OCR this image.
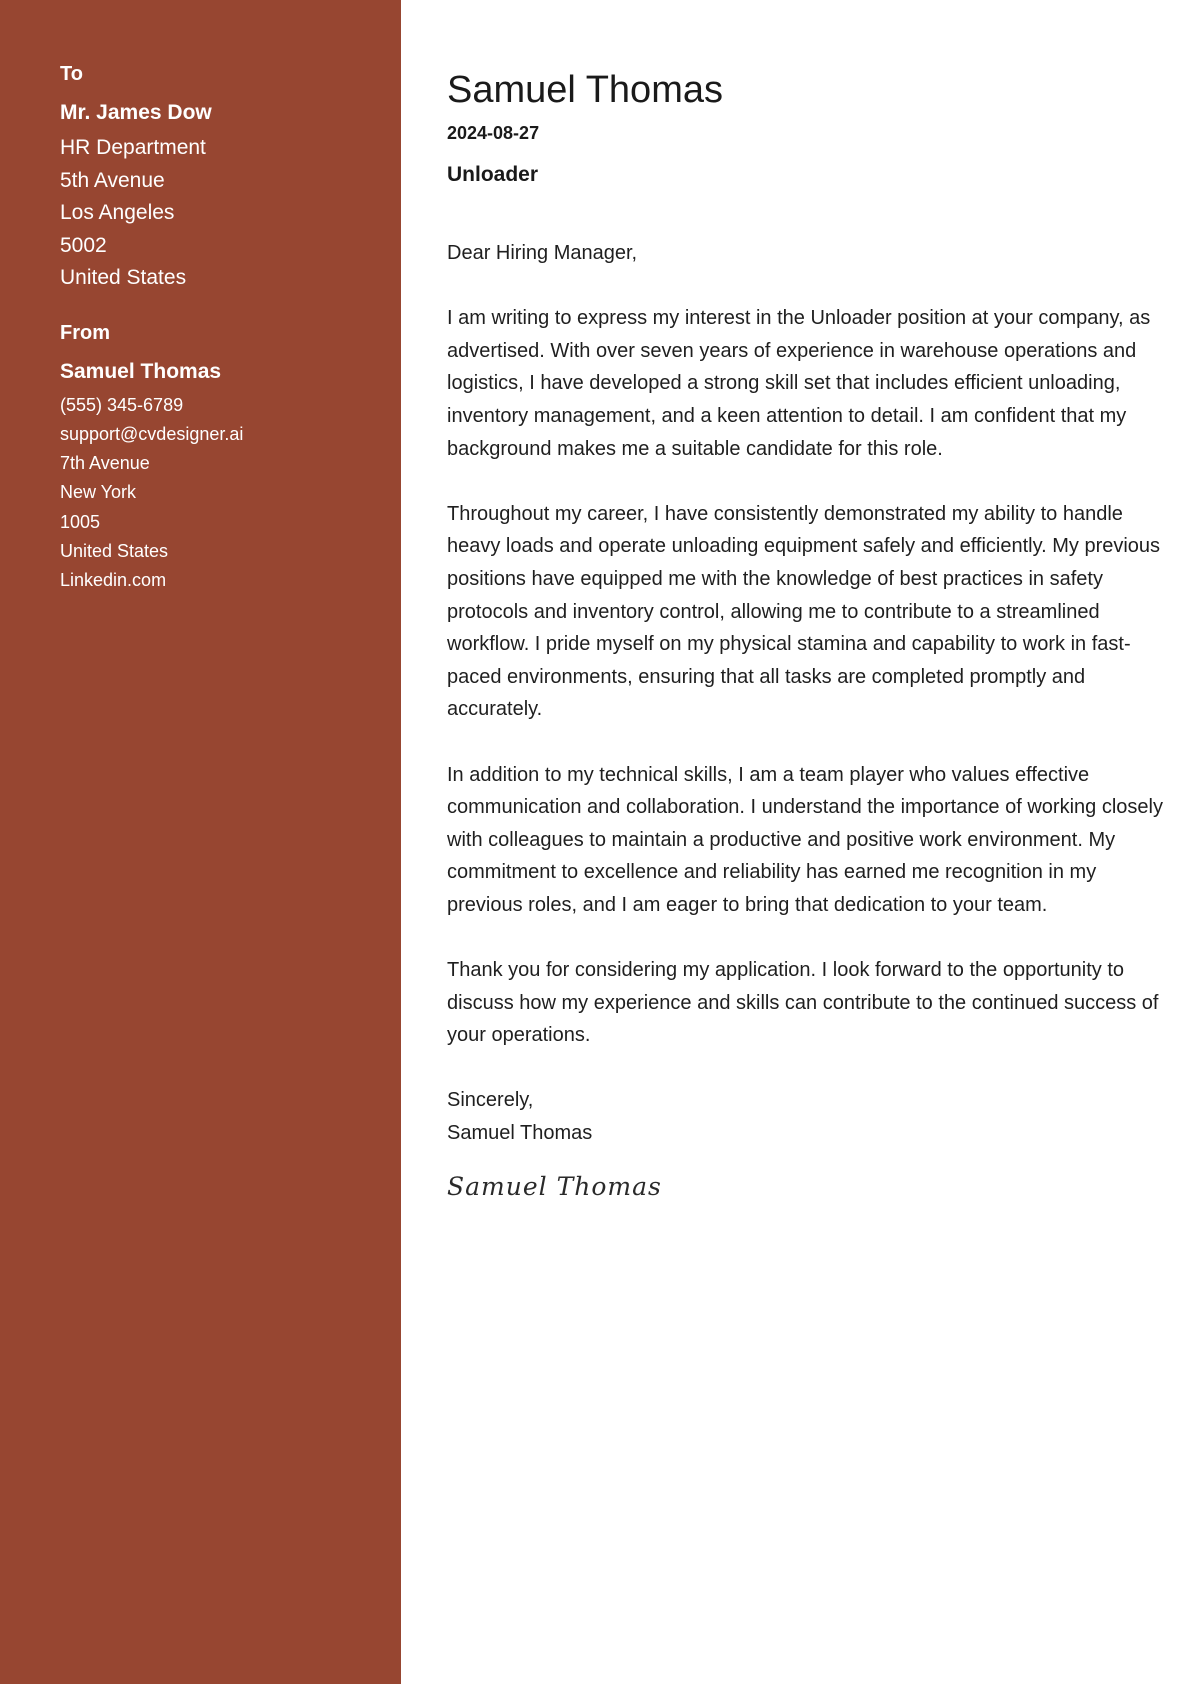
To
Mr. James Dow
HR Department
5th Avenue
Los Angeles
5002
United States
From
Samuel Thomas
(555) 345-6789
support@cvdesigner.ai
7th Avenue
New York
1005
United States
Linkedin.com
Samuel Thomas
2024-08-27
Unloader

Dear Hiring Manager,

I am writing to express my interest in the Unloader position at your company, as advertised. With over seven years of experience in warehouse operations and logistics, I have developed a strong skill set that includes efficient unloading, inventory management, and a keen attention to detail. I am confident that my background makes me a suitable candidate for this role.

Throughout my career, I have consistently demonstrated my ability to handle heavy loads and operate unloading equipment safely and efficiently. My previous positions have equipped me with the knowledge of best practices in safety protocols and inventory control, allowing me to contribute to a streamlined workflow. I pride myself on my physical stamina and capability to work in fast-paced environments, ensuring that all tasks are completed promptly and accurately.

In addition to my technical skills, I am a team player who values effective communication and collaboration. I understand the importance of working closely with colleagues to maintain a productive and positive work environment. My commitment to excellence and reliability has earned me recognition in my previous roles, and I am eager to bring that dedication to your team.

Thank you for considering my application. I look forward to the opportunity to discuss how my experience and skills can contribute to the continued success of your operations.

Sincerely,
Samuel Thomas
Samuel Thomas
